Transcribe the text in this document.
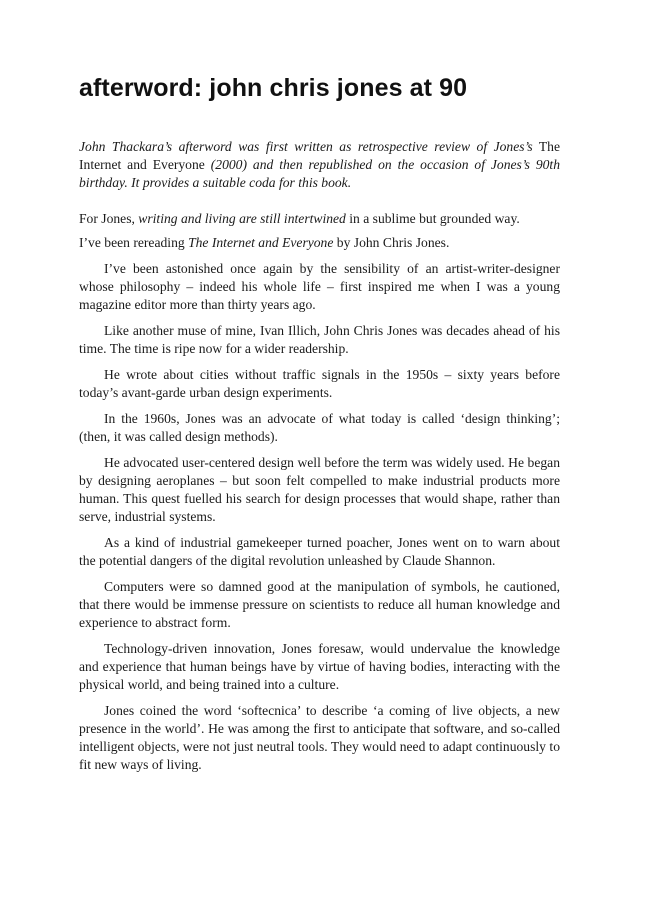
afterword: john chris jones at 90

John Thackara’s afterword was first written as retrospective review of Jones’s The Internet and Everyone (2000) and then republished on the occasion of Jones’s 90th birthday. It provides a suitable coda for this book.

For Jones, writing and living are still intertwined in a sublime but grounded way.

I’ve been rereading The Internet and Everyone by John Chris Jones.

I’ve been astonished once again by the sensibility of an artist-writer-designer whose philosophy – indeed his whole life – first inspired me when I was a young magazine editor more than thirty years ago.

Like another muse of mine, Ivan Illich, John Chris Jones was decades ahead of his time. The time is ripe now for a wider readership.

He wrote about cities without traffic signals in the 1950s – sixty years before today’s avant-garde urban design experiments.

In the 1960s, Jones was an advocate of what today is called ‘design thinking’; (then, it was called design methods).

He advocated user-centered design well before the term was widely used. He began by designing aeroplanes – but soon felt compelled to make industrial products more human. This quest fuelled his search for design processes that would shape, rather than serve, industrial systems.

As a kind of industrial gamekeeper turned poacher, Jones went on to warn about the potential dangers of the digital revolution unleashed by Claude Shannon.

Computers were so damned good at the manipulation of symbols, he cautioned, that there would be immense pressure on scientists to reduce all human knowledge and experience to abstract form.

Technology-driven innovation, Jones foresaw, would undervalue the knowledge and experience that human beings have by virtue of having bodies, interacting with the physical world, and being trained into a culture.

Jones coined the word ‘softecnica’ to describe ‘a coming of live objects, a new presence in the world’. He was among the first to anticipate that software, and so-called intelligent objects, were not just neutral tools. They would need to adapt continuously to fit new ways of living.
